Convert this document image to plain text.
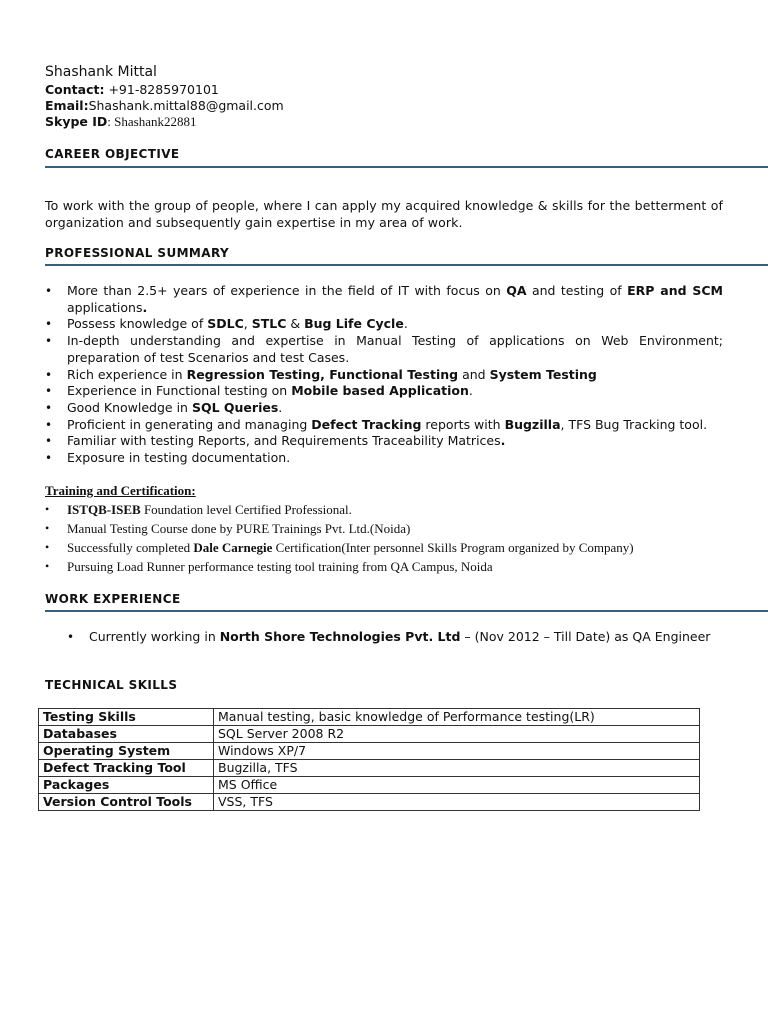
Shashank Mittal
Contact: +91-8285970101
Email:Shashank.mittal88@gmail.com
Skype ID: Shashank22881
CAREER OBJECTIVE
To work with the group of people, where I can apply my acquired knowledge & skills for the betterment of organization and subsequently gain expertise in my area of work.
PROFESSIONAL SUMMARY
• More than 2.5+ years of experience in the field of IT with focus on QA and testing of ERP and SCM applications.
• Possess knowledge of SDLC, STLC & Bug Life Cycle.
• In-depth understanding and expertise in Manual Testing of applications on Web Environment; preparation of test Scenarios and test Cases.
• Rich experience in Regression Testing, Functional Testing and System Testing
• Experience in Functional testing on Mobile based Application.
• Good Knowledge in SQL Queries.
• Proficient in generating and managing Defect Tracking reports with Bugzilla, TFS Bug Tracking tool.
• Familiar with testing Reports, and Requirements Traceability Matrices.
• Exposure in testing documentation.
Training and Certification:
• ISTQB-ISEB Foundation level Certified Professional.
• Manual Testing Course done by PURE Trainings Pvt. Ltd.(Noida)
• Successfully completed Dale Carnegie Certification(Inter personnel Skills Program organized by Company)
• Pursuing Load Runner performance testing tool training from QA Campus, Noida
WORK EXPERIENCE
• Currently working in North Shore Technologies Pvt. Ltd – (Nov 2012 – Till Date) as QA Engineer
TECHNICAL SKILLS
Testing Skills	Manual testing, basic knowledge of Performance testing(LR)
Databases	SQL Server 2008 R2
Operating System	Windows XP/7
Defect Tracking Tool	Bugzilla, TFS
Packages	MS Office
Version Control Tools	VSS, TFS
